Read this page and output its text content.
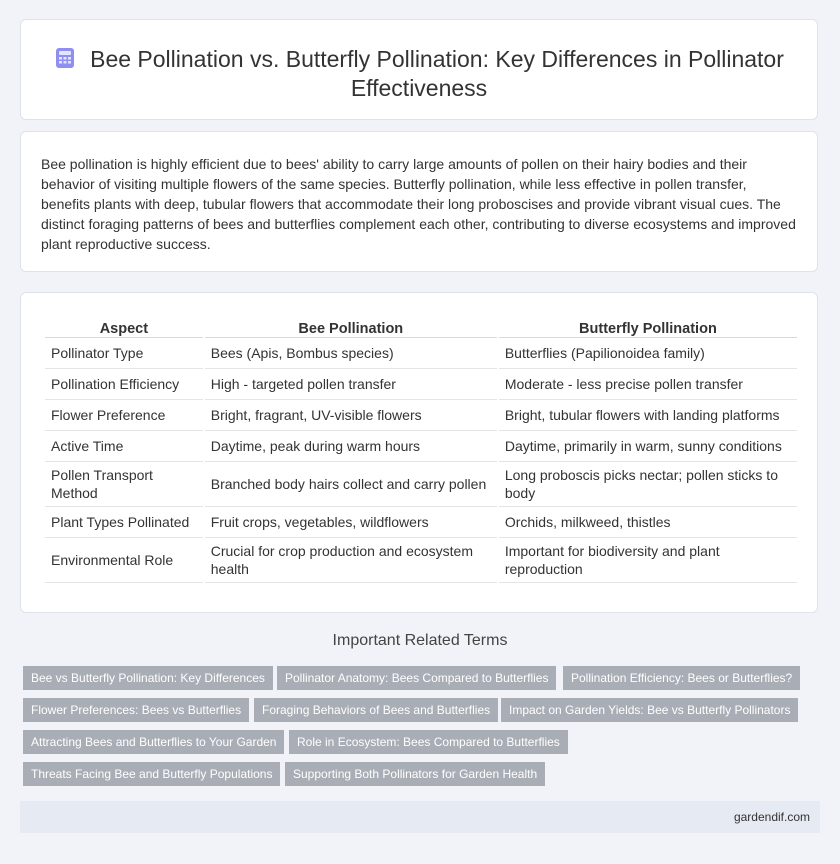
Bee Pollination vs. Butterfly Pollination: Key Differences in Pollinator Effectiveness

Bee pollination is highly efficient due to bees' ability to carry large amounts of pollen on their hairy bodies and their behavior of visiting multiple flowers of the same species. Butterfly pollination, while less effective in pollen transfer, benefits plants with deep, tubular flowers that accommodate their long proboscises and provide vibrant visual cues. The distinct foraging patterns of bees and butterflies complement each other, contributing to diverse ecosystems and improved plant reproductive success.

Aspect	Bee Pollination	Butterfly Pollination
Pollinator Type	Bees (Apis, Bombus species)	Butterflies (Papilionoidea family)
Pollination Efficiency	High - targeted pollen transfer	Moderate - less precise pollen transfer
Flower Preference	Bright, fragrant, UV-visible flowers	Bright, tubular flowers with landing platforms
Active Time	Daytime, peak during warm hours	Daytime, primarily in warm, sunny conditions
Pollen Transport Method	Branched body hairs collect and carry pollen	Long proboscis picks nectar; pollen sticks to body
Plant Types Pollinated	Fruit crops, vegetables, wildflowers	Orchids, milkweed, thistles
Environmental Role	Crucial for crop production and ecosystem health	Important for biodiversity and plant reproduction
Important Related Terms
Bee vs Butterfly Pollination: Key Differences	Pollinator Anatomy: Bees Compared to Butterflies	Pollination Efficiency: Bees or Butterflies?
Flower Preferences: Bees vs Butterflies	Foraging Behaviors of Bees and Butterflies	Impact on Garden Yields: Bee vs Butterfly Pollinators
Attracting Bees and Butterflies to Your Garden	Role in Ecosystem: Bees Compared to Butterflies
Threats Facing Bee and Butterfly Populations	Supporting Both Pollinators for Garden Health
gardendif.com
